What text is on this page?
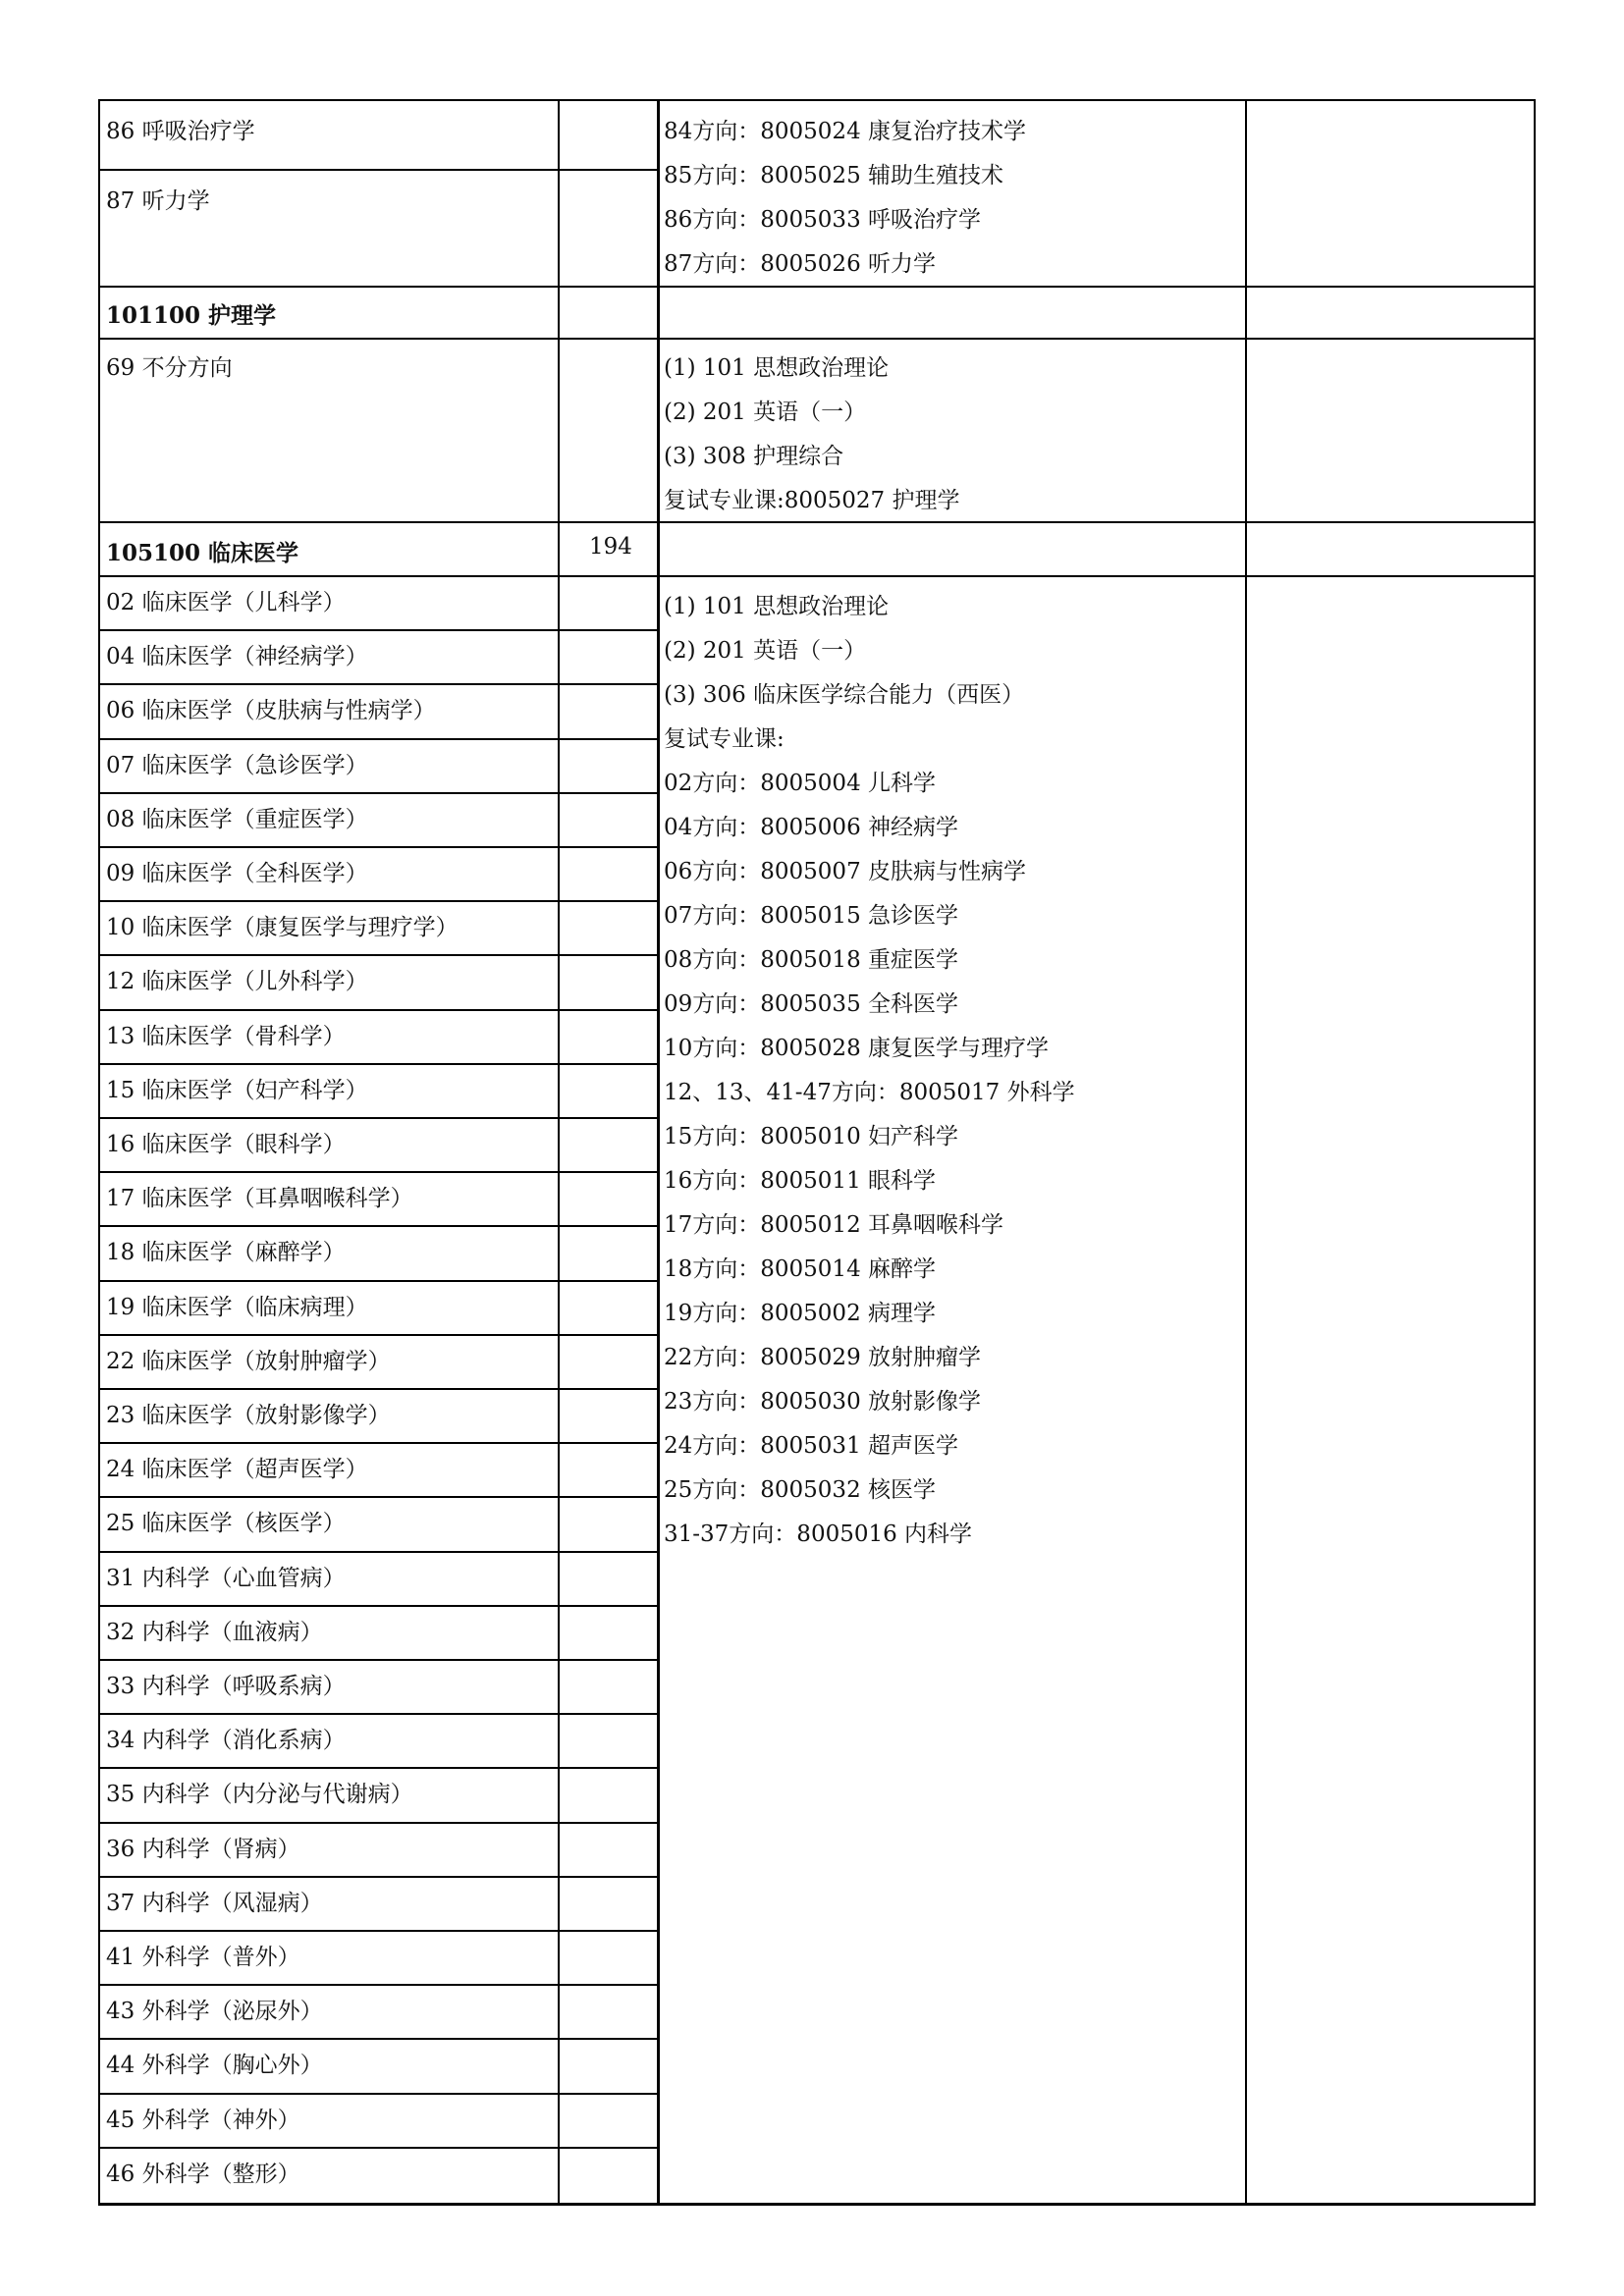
86 呼吸治疗学
87 听力学
84方向：8005024 康复治疗技术学
85方向：8005025 辅助生殖技术
86方向：8005033 呼吸治疗学
87方向：8005026 听力学
101100 护理学
69 不分方向	(1) 101 思想政治理论
(2) 201 英语（一）
(3) 308 护理综合
复试专业课:8005027 护理学
105100 临床医学	194
02 临床医学（儿科学）
04 临床医学（神经病学）
06 临床医学（皮肤病与性病学）
07 临床医学（急诊医学）
08 临床医学（重症医学）
09 临床医学（全科医学）
10 临床医学（康复医学与理疗学）
12 临床医学（儿外科学）
13 临床医学（骨科学）
15 临床医学（妇产科学）
16 临床医学（眼科学）
17 临床医学（耳鼻咽喉科学）
18 临床医学（麻醉学）
19 临床医学（临床病理）
22 临床医学（放射肿瘤学）
23 临床医学（放射影像学）
24 临床医学（超声医学）
25 临床医学（核医学）
31 内科学（心血管病）
32 内科学（血液病）
33 内科学（呼吸系病）
34 内科学（消化系病）
35 内科学（内分泌与代谢病）
36 内科学（肾病）
37 内科学（风湿病）
41 外科学（普外）
43 外科学（泌尿外）
44 外科学（胸心外）
45 外科学（神外）
46 外科学（整形）
(1) 101 思想政治理论
(2) 201 英语（一）
(3) 306 临床医学综合能力（西医）
复试专业课:
02方向：8005004 儿科学
04方向：8005006 神经病学
06方向：8005007 皮肤病与性病学
07方向：8005015 急诊医学
08方向：8005018 重症医学
09方向：8005035 全科医学
10方向：8005028 康复医学与理疗学
12、13、41-47方向：8005017 外科学
15方向：8005010 妇产科学
16方向：8005011 眼科学
17方向：8005012 耳鼻咽喉科学
18方向：8005014 麻醉学
19方向：8005002 病理学
22方向：8005029 放射肿瘤学
23方向：8005030 放射影像学
24方向：8005031 超声医学
25方向：8005032 核医学
31-37方向：8005016 内科学
